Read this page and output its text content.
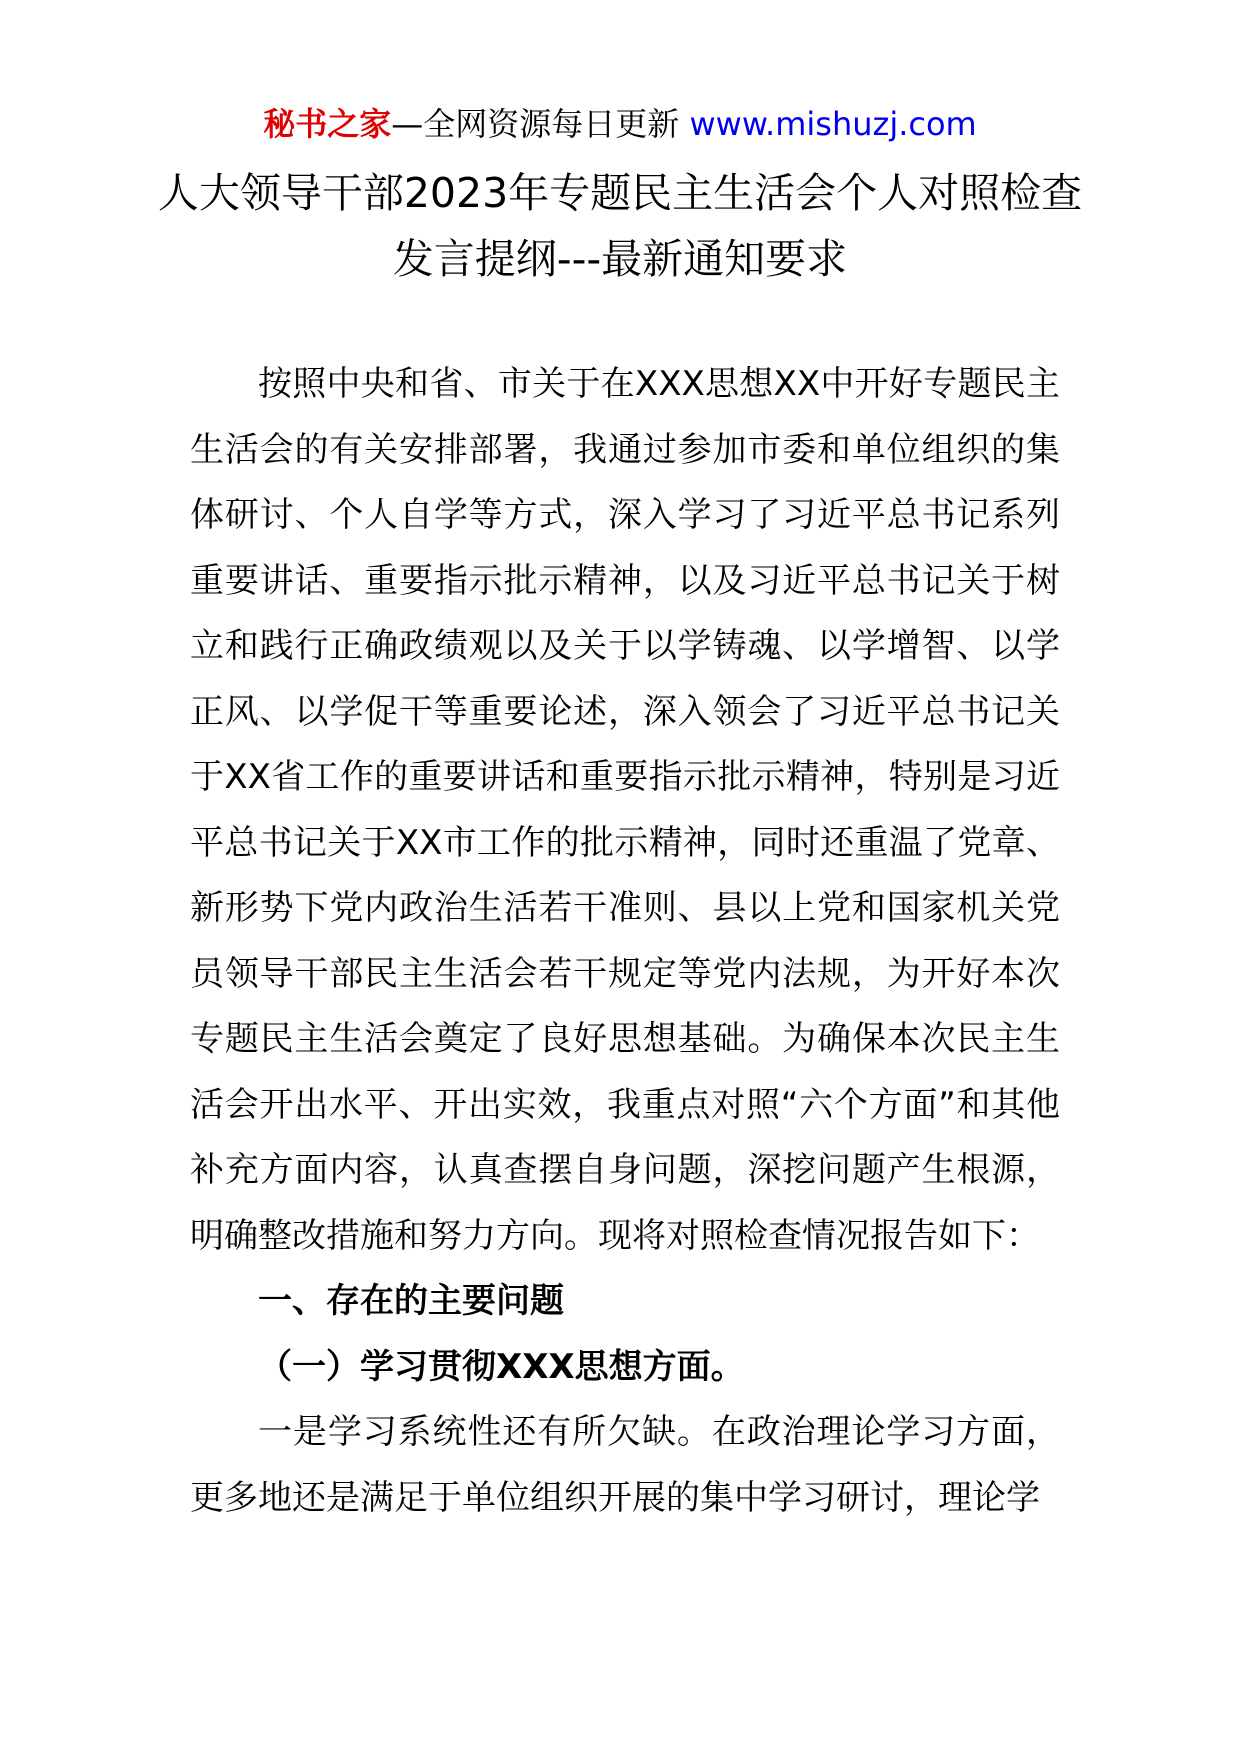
秘书之家—全网资源每日更新 www.mishuzj.com
人大领导干部2023年专题民主生活会个人对照检查发言提纲---最新通知要求

按照中央和省、市关于在XXX思想XX中开好专题民主生活会的有关安排部署，我通过参加市委和单位组织的集体研讨、个人自学等方式，深入学习了习近平总书记系列重要讲话、重要指示批示精神，以及习近平总书记关于树立和践行正确政绩观以及关于以学铸魂、以学增智、以学正风、以学促干等重要论述，深入领会了习近平总书记关于XX省工作的重要讲话和重要指示批示精神，特别是习近平总书记关于XX市工作的批示精神，同时还重温了党章、新形势下党内政治生活若干准则、县以上党和国家机关党员领导干部民主生活会若干规定等党内法规，为开好本次专题民主生活会奠定了良好思想基础。为确保本次民主生活会开出水平、开出实效，我重点对照“六个方面”和其他补充方面内容，认真查摆自身问题，深挖问题产生根源，明确整改措施和努力方向。现将对照检查情况报告如下：

一、存在的主要问题

（一）学习贯彻XXX思想方面。

一是学习系统性还有所欠缺。在政治理论学习方面，更多地还是满足于单位组织开展的集中学习研讨，理论学
